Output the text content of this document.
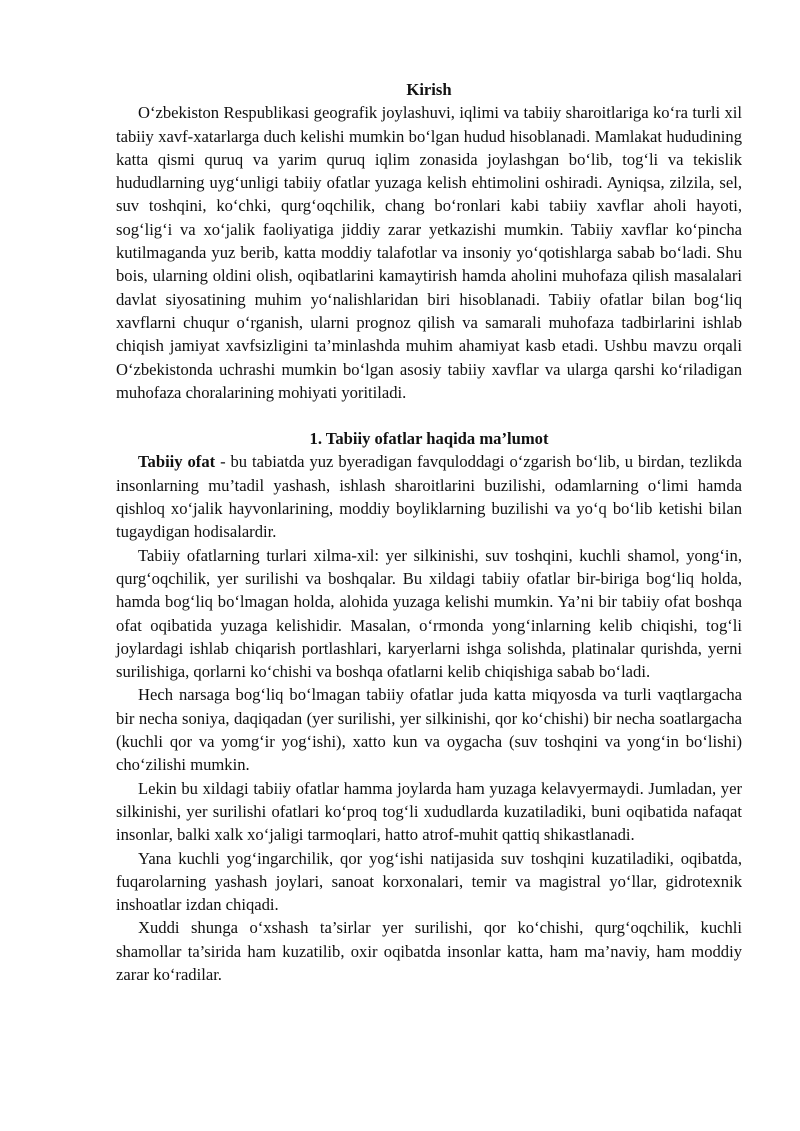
Kirish

O‘zbekiston Respublikasi geografik joylashuvi, iqlimi va tabiiy sharoitlariga ko‘ra turli xil tabiiy xavf-xatarlarga duch kelishi mumkin bo‘lgan hudud hisoblanadi. Mamlakat hududining katta qismi quruq va yarim quruq iqlim zonasida joylashgan bo‘lib, tog‘li va tekislik hududlarning uyg‘unligi tabiiy ofatlar yuzaga kelish ehtimolini oshiradi. Ayniqsa, zilzila, sel, suv toshqini, ko‘chki, qurg‘oqchilik, chang bo‘ronlari kabi tabiiy xavflar aholi hayoti, sog‘lig‘i va xo‘jalik faoliyatiga jiddiy zarar yetkazishi mumkin. Tabiiy xavflar ko‘pincha kutilmaganda yuz berib, katta moddiy talafotlar va insoniy yo‘qotishlarga sabab bo‘ladi. Shu bois, ularning oldini olish, oqibatlarini kamaytirish hamda aholini muhofaza qilish masalalari davlat siyosatining muhim yo‘nalishlaridan biri hisoblanadi. Tabiiy ofatlar bilan bog‘liq xavflarni chuqur o‘rganish, ularni prognoz qilish va samarali muhofaza tadbirlarini ishlab chiqish jamiyat xavfsizligini ta’minlashda muhim ahamiyat kasb etadi. Ushbu mavzu orqali O‘zbekistonda uchrashi mumkin bo‘lgan asosiy tabiiy xavflar va ularga qarshi ko‘riladigan muhofaza choralarining mohiyati yoritiladi.

1. Tabiiy ofatlar haqida ma’lumot

Tabiiy ofat - bu tabiatda yuz byeradigan favquloddagi o‘zgarish bo‘lib, u birdan, tezlikda insonlarning mu’tadil yashash, ishlash sharoitlarini buzilishi, odamlarning o‘limi hamda qishloq xo‘jalik hayvonlarining, moddiy boyliklarning buzilishi va yo‘q bo‘lib ketishi bilan tugaydigan hodisalardir.

Tabiiy ofatlarning turlari xilma-xil: yer silkinishi, suv toshqini, kuchli shamol, yong‘in, qurg‘oqchilik, yer surilishi va boshqalar. Bu xildagi tabiiy ofatlar bir-biriga bog‘liq holda, hamda bog‘liq bo‘lmagan holda, alohida yuzaga kelishi mumkin. Ya’ni bir tabiiy ofat boshqa ofat oqibatida yuzaga kelishidir. Masalan, o‘rmonda yong‘inlarning kelib chiqishi, tog‘li joylardagi ishlab chiqarish portlashlari, karyerlarni ishga solishda, platinalar qurishda, yerni surilishiga, qorlarni ko‘chishi va boshqa ofatlarni kelib chiqishiga sabab bo‘ladi.

Hech narsaga bog‘liq bo‘lmagan tabiiy ofatlar juda katta miqyosda va turli vaqtlargacha bir necha soniya, daqiqadan (yer surilishi, yer silkinishi, qor ko‘chishi) bir necha soatlargacha (kuchli qor va yomg‘ir yog‘ishi), xatto kun va oygacha (suv toshqini va yong‘in bo‘lishi) cho‘zilishi mumkin.

Lekin bu xildagi tabiiy ofatlar hamma joylarda ham yuzaga kelavyermaydi. Jumladan, yer silkinishi, yer surilishi ofatlari ko‘proq tog‘li xududlarda kuzatiladiki, buni oqibatida nafaqat insonlar, balki xalk xo‘jaligi tarmoqlari, hatto atrof-muhit qattiq shikastlanadi.

Yana kuchli yog‘ingarchilik, qor yog‘ishi natijasida suv toshqini kuzatiladiki, oqibatda, fuqarolarning yashash joylari, sanoat korxonalari, temir va magistral yo‘llar, gidrotexnik inshoatlar izdan chiqadi.

Xuddi shunga o‘xshash ta’sirlar yer surilishi, qor ko‘chishi, qurg‘oqchilik, kuchli shamollar ta’sirida ham kuzatilib, oxir oqibatda insonlar katta, ham ma’naviy, ham moddiy zarar ko‘radilar.
